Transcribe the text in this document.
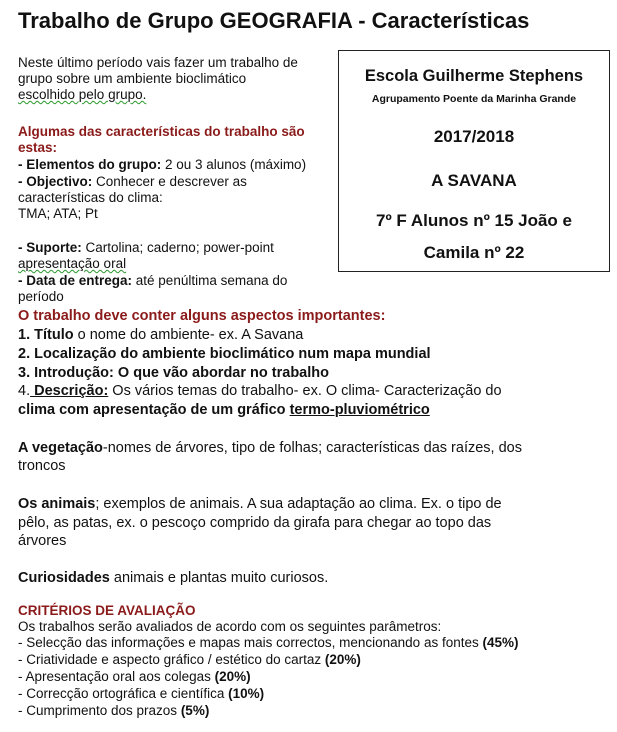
Trabalho de Grupo GEOGRAFIA - Características
Neste último período vais fazer um trabalho de
grupo sobre um ambiente bioclimático
escolhido pelo grupo.
Escola Guilherme Stephens
Agrupamento Poente da Marinha Grande
2017/2018
A SAVANA
7º F Alunos nº 15 João e
Camila nº 22
Algumas das características do trabalho são
estas:
- Elementos do grupo: 2 ou 3 alunos (máximo)
- Objectivo: Conhecer e descrever as
características do clima:
TMA; ATA; Pt
- Suporte: Cartolina; caderno; power-point
apresentação oral
- Data de entrega: até penúltima semana do
período
O trabalho deve conter alguns aspectos importantes:
1. Título o nome do ambiente- ex. A Savana
2. Localização do ambiente bioclimático num mapa mundial
3. Introdução: O que vão abordar no trabalho
4. Descrição: Os vários temas do trabalho- ex. O clima- Caracterização do
clima com apresentação de um gráfico termo-pluviométrico
A vegetação-nomes de árvores, tipo de folhas; características das raízes, dos
troncos
Os animais; exemplos de animais. A sua adaptação ao clima. Ex. o tipo de
pêlo, as patas, ex. o pescoço comprido da girafa para chegar ao topo das
árvores
Curiosidades animais e plantas muito curiosos.
CRITÉRIOS DE AVALIAÇÃO
Os trabalhos serão avaliados de acordo com os seguintes parâmetros:
- Selecção das informações e mapas mais correctos, mencionando as fontes (45%)
- Criatividade e aspecto gráfico / estético do cartaz (20%)
- Apresentação oral aos colegas (20%)
- Correcção ortográfica e científica (10%)
- Cumprimento dos prazos (5%)
